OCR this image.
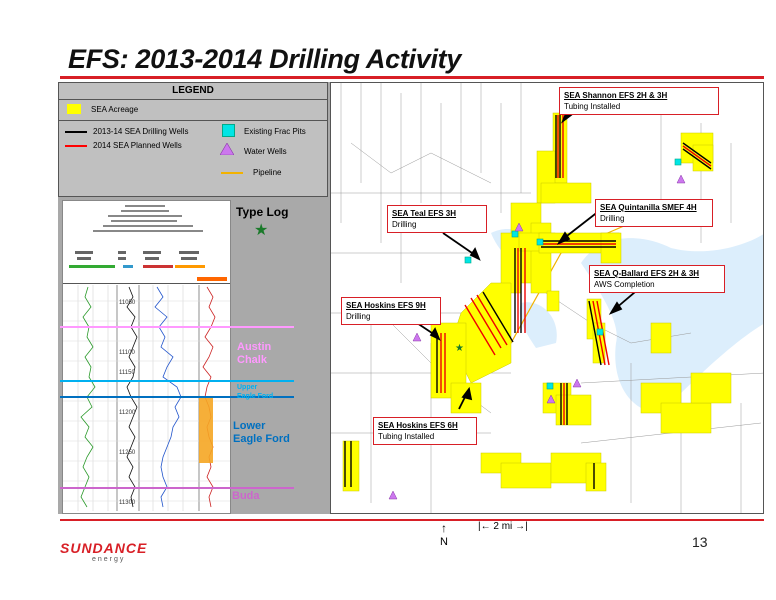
EFS: 2013-2014 Drilling Activity
LEGEND
SEA Acreage
2013-14 SEA Drilling Wells
2014 SEA Planned Wells
Existing Frac Pits
Water Wells
Pipeline
11050
11100
11150
11200
11250
11300
Type Log
★
Austin Chalk
Upper Eagle Ford
Lower Eagle Ford
Buda
★
SEA Shannon EFS 2H & 3H
Tubing Installed
SEA Teal EFS 3H
Drilling
SEA Quintanilla SMEF 4H
Drilling
SEA Q-Ballard EFS 2H & 3H
AWS Completion
SEA Hoskins EFS 9H
Drilling
SEA Hoskins EFS 6H
Tubing Installed
↑
N
|← 2 mi →|
SUNDANCE
energy
13
